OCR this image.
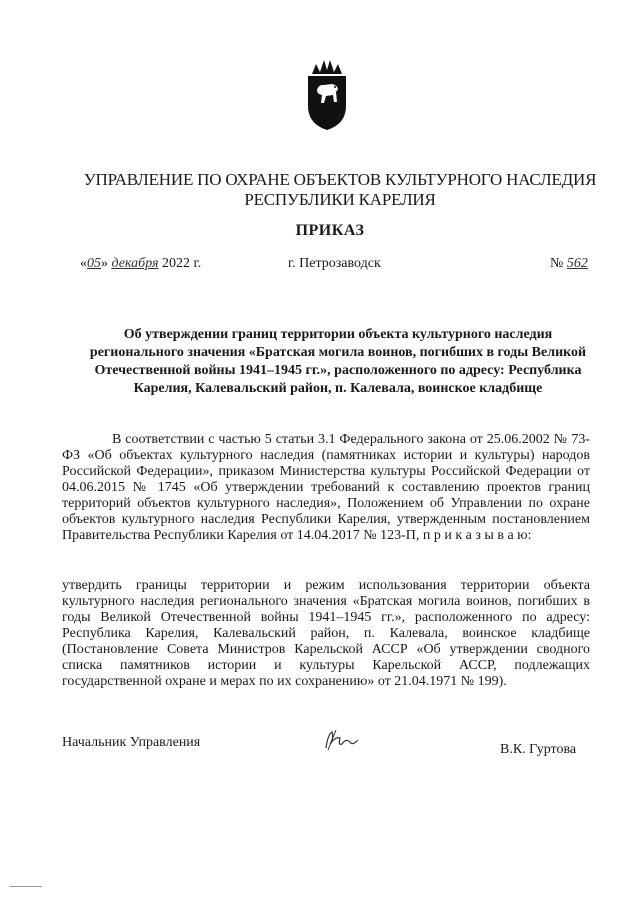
УПРАВЛЕНИЕ ПО ОХРАНЕ ОБЪЕКТОВ КУЛЬТУРНОГО НАСЛЕДИЯ
РЕСПУБЛИКИ КАРЕЛИЯ
ПРИКАЗ
«05» декабря 2022 г.	г. Петрозаводск	№ 562
Об утверждении границ территории объекта культурного наследия
регионального значения «Братская могила воинов, погибших в годы Великой
Отечественной войны 1941–1945 гг.», расположенного по адресу: Республика
Карелия, Калевальский район, п. Калевала, воинское кладбище
В соответствии с частью 5 статьи 3.1 Федерального закона от 25.06.2002 № 73-ФЗ «Об объектах культурного наследия (памятниках истории и культуры) народов Российской Федерации», приказом Министерства культуры Российской Федерации от 04.06.2015 № 1745 «Об утверждении требований к составлению проектов границ территорий объектов культурного наследия», Положением об Управлении по охране объектов культурного наследия Республики Карелия, утвержденным постановлением Правительства Республики Карелия от 14.04.2017 № 123-П, п р и к а з ы в а ю:
утвердить границы территории и режим использования территории объекта культурного наследия регионального значения «Братская могила воинов, погибших в годы Великой Отечественной войны 1941–1945 гг.», расположенного по адресу: Республика Карелия, Калевальский район, п. Калевала, воинское кладбище (Постановление Совета Министров Карельской АССР «Об утверждении сводного списка памятников истории и культуры Карельской АССР, подлежащих государственной охране и мерах по их сохранению» от 21.04.1971 № 199).
Начальник Управления	В.К. Гуртова
